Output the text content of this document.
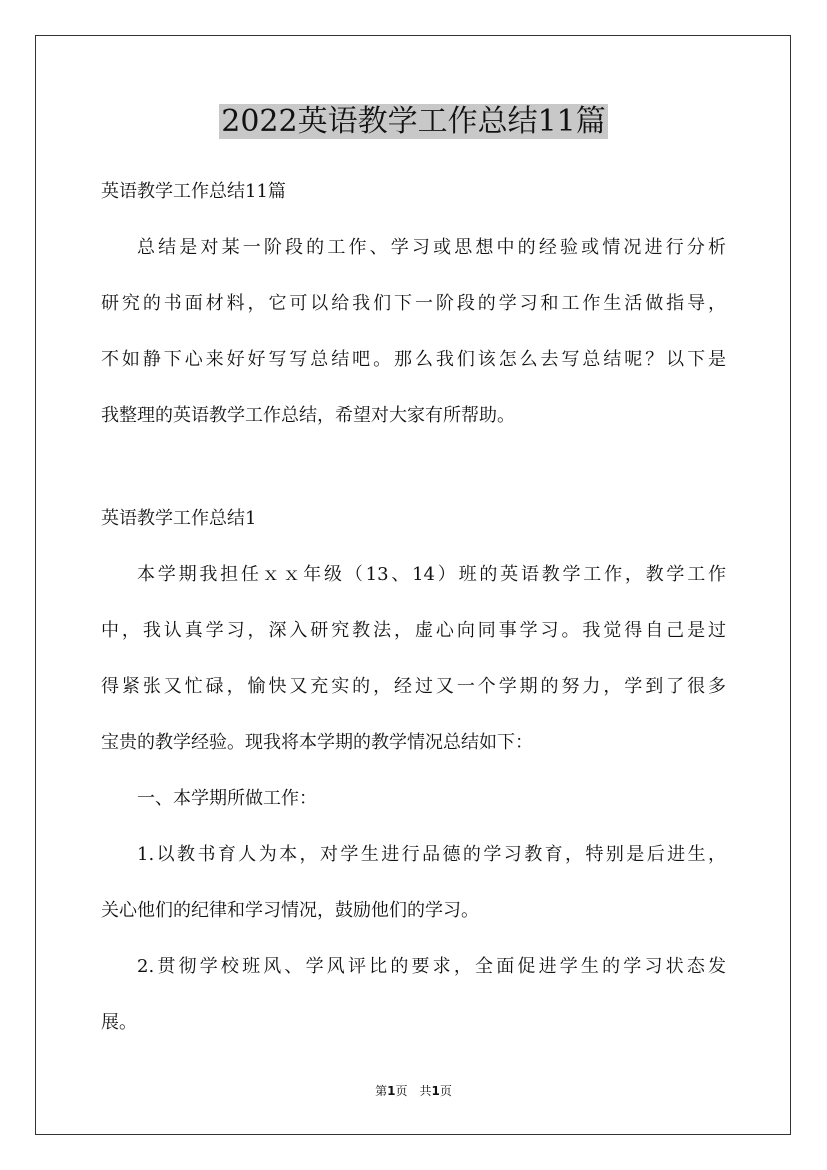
2022英语教学工作总结11篇

英语教学工作总结11篇

总结是对某一阶段的工作、学习或思想中的经验或情况进行分析

研究的书面材料，它可以给我们下一阶段的学习和工作生活做指导，

不如静下心来好好写写总结吧。那么我们该怎么去写总结呢？以下是

我整理的英语教学工作总结，希望对大家有所帮助。

英语教学工作总结1

本学期我担任ｘｘ年级（13、14）班的英语教学工作，教学工作

中，我认真学习，深入研究教法，虚心向同事学习。我觉得自己是过

得紧张又忙碌，愉快又充实的，经过又一个学期的努力，学到了很多

宝贵的教学经验。现我将本学期的教学情况总结如下：

一、本学期所做工作：

1.以教书育人为本，对学生进行品德的学习教育，特别是后进生，

关心他们的纪律和学习情况，鼓励他们的学习。

2.贯彻学校班风、学风评比的要求，全面促进学生的学习状态发

展。

第1页　共1页
